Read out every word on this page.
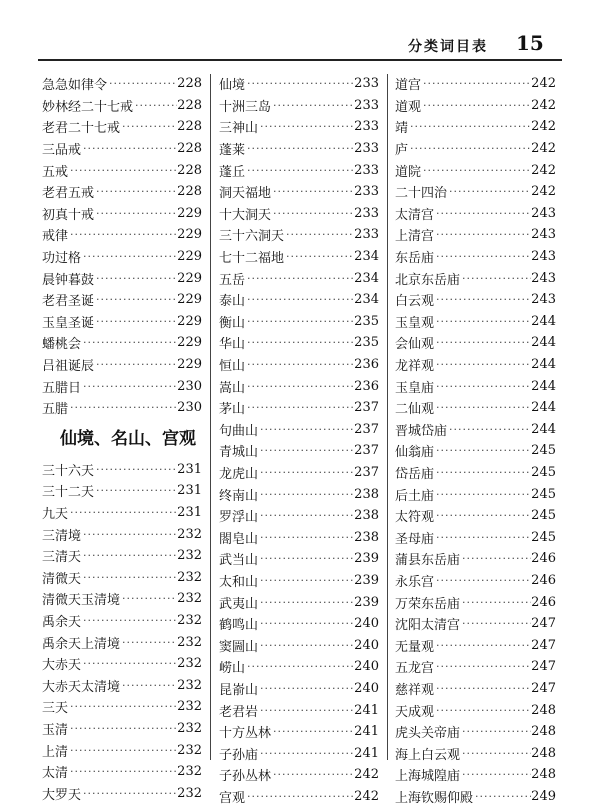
分类词目表 15
急急如律令 ·····	228
妙林经二十七戒 ·····	228
老君二十七戒 ·····	228
三品戒 ·····	228
五戒 ·····	228
老君五戒 ·····	228
初真十戒 ·····	229
戒律 ·····	229
功过格 ·····	229
晨钟暮鼓 ·····	229
老君圣诞 ·····	229
玉皇圣诞 ·····	229
蟠桃会 ·····	229
吕祖诞辰 ·····	229
五腊日 ·····	230
五腊 ·····	230
仙境、名山、宫观
三十六天 ·····	231
三十二天 ·····	231
九天 ·····	231
三清境 ·····	232
三清天 ·····	232
清微天 ·····	232
清微天玉清境 ·····	232
禹余天 ·····	232
禹余天上清境 ·····	232
大赤天 ·····	232
大赤天太清境 ·····	232
三天 ·····	232
玉清 ·····	232
上清 ·····	232
太清 ·····	232
大罗天 ·····	232
仙境 ·····	233
十洲三岛 ·····	233
三神山 ·····	233
蓬莱 ·····	233
蓬丘 ·····	233
洞天福地 ·····	233
十大洞天 ·····	233
三十六洞天 ·····	233
七十二福地 ·····	234
五岳 ·····	234
泰山 ·····	234
衡山 ·····	235
华山 ·····	235
恒山 ·····	236
嵩山 ·····	236
茅山 ·····	237
句曲山 ·····	237
青城山 ·····	237
龙虎山 ·····	237
终南山 ·····	238
罗浮山 ·····	238
閤皂山 ·····	238
武当山 ·····	239
太和山 ·····	239
武夷山 ·····	239
鹤鸣山 ·····	240
窦圌山 ·····	240
崂山 ·····	240
昆嵛山 ·····	240
老君岩 ·····	241
十方丛林 ·····	241
子孙庙 ·····	241
子孙丛林 ·····	242
宫观 ·····	242
道宫 ·····	242
道观 ·····	242
靖 ·····	242
庐 ·····	242
道院 ·····	242
二十四治 ·····	242
太清宫 ·····	243
上清宫 ·····	243
东岳庙 ·····	243
北京东岳庙 ·····	243
白云观 ·····	243
玉皇观 ·····	244
会仙观 ·····	244
龙祥观 ·····	244
玉皇庙 ·····	244
二仙观 ·····	244
晋城岱庙 ·····	244
仙翁庙 ·····	245
岱岳庙 ·····	245
后土庙 ·····	245
太符观 ·····	245
圣母庙 ·····	245
蒲县东岳庙 ·····	246
永乐宫 ·····	246
万荣东岳庙 ·····	246
沈阳太清宫 ·····	247
无量观 ·····	247
五龙宫 ·····	247
慈祥观 ·····	247
天成观 ·····	248
虎头关帝庙 ·····	248
海上白云观 ·····	248
上海城隍庙 ·····	248
上海钦赐仰殿 ·····	249
